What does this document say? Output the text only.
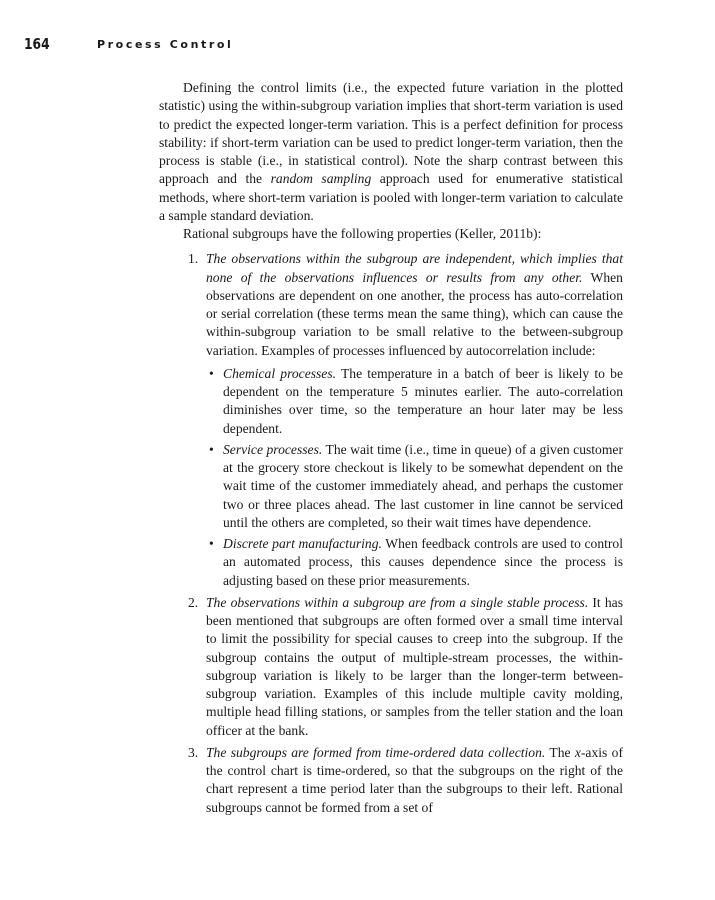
164	Process Control

Defining the control limits (i.e., the expected future variation in the plotted statistic) using the within-subgroup variation implies that short-term variation is used to predict the expected longer-term variation. This is a perfect definition for process stability: if short-term variation can be used to predict longer-term variation, then the process is stable (i.e., in statistical control). Note the sharp contrast between this approach and the random sampling approach used for enumerative statistical methods, where short-term variation is pooled with longer-term variation to calculate a sample standard deviation.

Rational subgroups have the following properties (Keller, 2011b):

1. The observations within the subgroup are independent, which implies that none of the observations influences or results from any other. When observations are dependent on one another, the process has auto-correlation or serial correlation (these terms mean the same thing), which can cause the within-subgroup variation to be small relative to the between-subgroup variation. Examples of processes influenced by autocorrelation include:

• Chemical processes. The temperature in a batch of beer is likely to be dependent on the temperature 5 minutes earlier. The auto-correlation diminishes over time, so the temperature an hour later may be less dependent.

• Service processes. The wait time (i.e., time in queue) of a given customer at the grocery store checkout is likely to be somewhat dependent on the wait time of the customer immediately ahead, and perhaps the customer two or three places ahead. The last customer in line cannot be serviced until the others are completed, so their wait times have dependence.

• Discrete part manufacturing. When feedback controls are used to control an automated process, this causes dependence since the process is adjusting based on these prior measurements.

2. The observations within a subgroup are from a single stable process. It has been mentioned that subgroups are often formed over a small time interval to limit the possibility for special causes to creep into the subgroup. If the subgroup contains the output of multiple-stream processes, the within-subgroup variation is likely to be larger than the longer-term between-subgroup variation. Examples of this include multiple cavity molding, multiple head filling stations, or samples from the teller station and the loan officer at the bank.

3. The subgroups are formed from time-ordered data collection. The x-axis of the control chart is time-ordered, so that the subgroups on the right of the chart represent a time period later than the subgroups to their left. Rational subgroups cannot be formed from a set of
